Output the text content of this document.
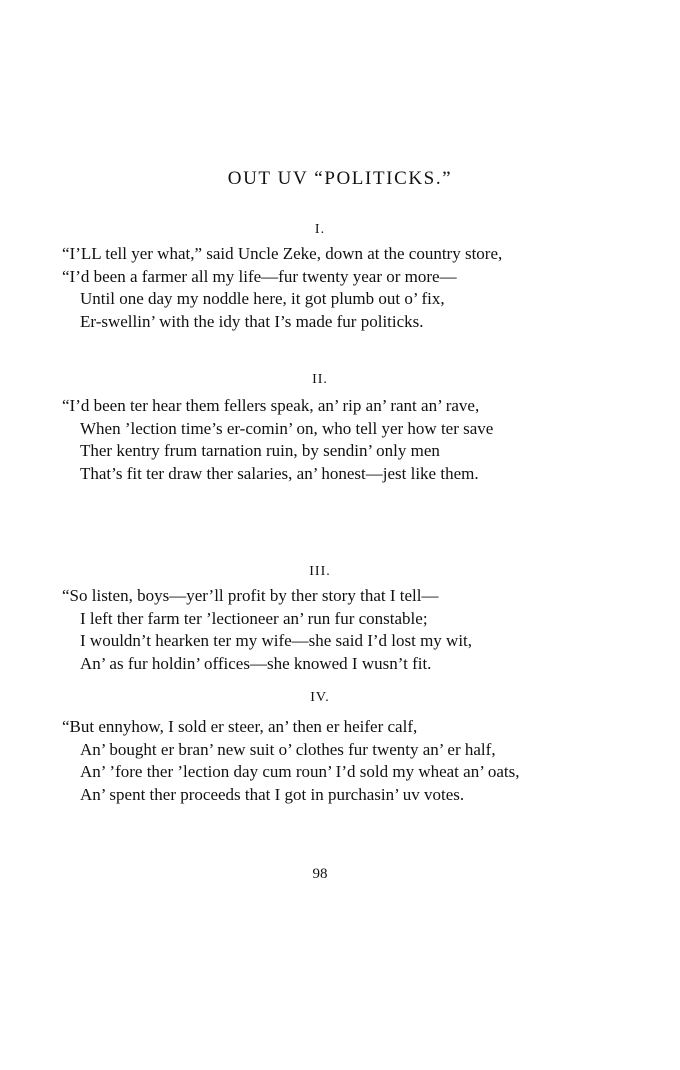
OUT UV “POLITICKS.”
I.
“I’LL tell yer what,” said Uncle Zeke, down at the country store,
“I’d been a farmer all my life—fur twenty year or more—
Until one day my noddle here, it got plumb out o’ fix,
Er-swellin’ with the idy that I’s made fur politicks.
II.
“I’d been ter hear them fellers speak, an’ rip an’ rant an’ rave,
When ’lection time’s er-comin’ on, who tell yer how ter save
Ther kentry frum tarnation ruin, by sendin’ only men
That’s fit ter draw ther salaries, an’ honest—jest like them.
III.
“So listen, boys—yer’ll profit by ther story that I tell—
I left ther farm ter ’lectioneer an’ run fur constable;
I wouldn’t hearken ter my wife—she said I’d lost my wit,
An’ as fur holdin’ offices—she knowed I wusn’t fit.
IV.
“But ennyhow, I sold er steer, an’ then er heifer calf,
An’ bought er bran’ new suit o’ clothes fur twenty an’ er half,
An’ ’fore ther ’lection day cum roun’ I’d sold my wheat an’ oats,
An’ spent ther proceeds that I got in purchasin’ uv votes.
98
